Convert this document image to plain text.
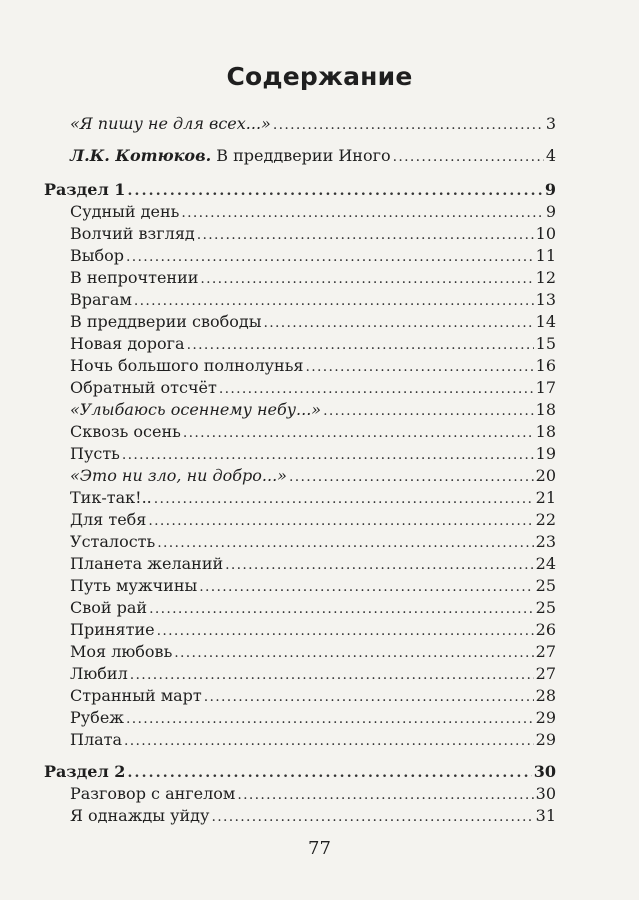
Содержание
«Я пишу не для всех...» .....	3
Л.К. Котюков. В преддверии Иного .....	4
Раздел 1 .....	9
Судный день .....	9
Волчий взгляд .....	10
Выбор .....	11
В непрочтении .....	12
Врагам .....	13
В преддверии свободы .....	14
Новая дорога .....	15
Ночь большого полнолунья .....	16
Обратный отсчёт .....	17
«Улыбаюсь осеннему небу...» .....	18
Сквозь осень .....	18
Пусть .....	19
«Это ни зло, ни добро...» .....	20
Тик-так!.. .....	21
Для тебя .....	22
Усталость .....	23
Планета желаний .....	24
Путь мужчины .....	25
Свой рай .....	25
Принятие .....	26
Моя любовь .....	27
Любил .....	27
Странный март .....	28
Рубеж .....	29
Плата .....	29
Раздел 2 .....	30
Разговор с ангелом .....	30
Я однажды уйду .....	31
77
